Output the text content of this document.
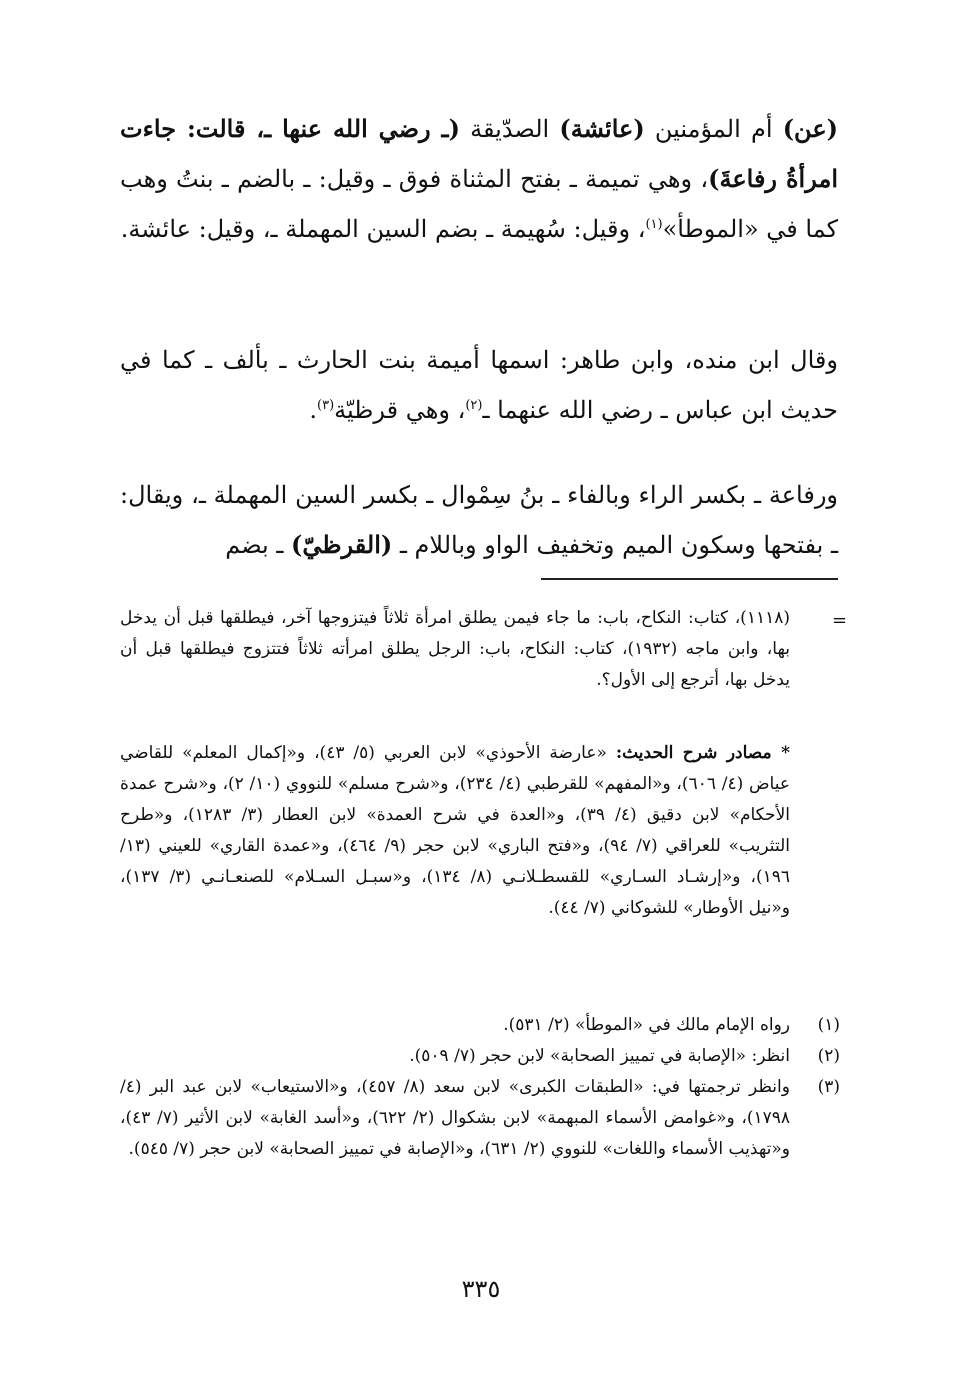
(عن) أم المؤمنين (عائشة) الصدّيقة (ـ رضي الله عنها ـ، قالت: جاءت امرأةُ رفاعةَ)، وهي تميمة ـ بفتح المثناة فوق ـ وقيل: ـ بالضم ـ بنتُ وهب كما في «الموطأ»$^{(١)}$، وقيل: سُهيمة ـ بضم السين المهملة ـ، وقيل: عائشة.

وقال ابن منده، وابن طاهر: اسمها أميمة بنت الحارث ـ بألف ـ كما في حديث ابن عباس ـ رضي الله عنهما ـ$^{(٢)}$، وهي قرظيّة$^{(٣)}$.

ورفاعة ـ بكسر الراء وبالفاء ـ بنُ سِمْوال ـ بكسر السين المهملة ـ، ويقال: ـ بفتحها وسكون الميم وتخفيف الواو وباللام ـ (القرظيّ) ـ بضم

=

(١١١٨)، كتاب: النكاح، باب: ما جاء فيمن يطلق امرأة ثلاثاً فيتزوجها آخر، فيطلقها قبل أن يدخل بها، وابن ماجه (١٩٣٢)، كتاب: النكاح، باب: الرجل يطلق امرأته ثلاثاً فتتزوج فيطلقها قبل أن يدخل بها، أترجع إلى الأول؟.

* مصادر شرح الحديث: «عارضة الأحوذي» لابن العربي (٥/ ٤٣)، و«إكمال المعلم» للقاضي عياض (٤/ ٦٠٦)، و«المفهم» للقرطبي (٤/ ٢٣٤)، و«شرح مسلم» للنووي (١٠/ ٢)، و«شرح عمدة الأحكام» لابن دقيق (٤/ ٣٩)، و«العدة في شرح العمدة» لابن العطار (٣/ ١٢٨٣)، و«طرح التثريب» للعراقي (٧/ ٩٤)، و«فتح الباري» لابن حجر (٩/ ٤٦٤)، و«عمدة القاري» للعيني (١٣/ ١٩٦)، و«إرشـاد السـاري» للقسطـلانـي (٨/ ١٣٤)، و«سبـل السـلام» للصنعـانـي (٣/ ١٣٧)، و«نيل الأوطار» للشوكاني (٧/ ٤٤).

(١)
رواه الإمام مالك في «الموطأ» (٢/ ٥٣١).
(٢)
انظر: «الإصابة في تمييز الصحابة» لابن حجر (٧/ ٥٠٩).
(٣)
وانظر ترجمتها في: «الطبقات الكبرى» لابن سعد (٨/ ٤٥٧)، و«الاستيعاب» لابن عبد البر (٤/ ١٧٩٨)، و«غوامض الأسماء المبهمة» لابن بشكوال (٢/ ٦٢٢)، و«أسد الغابة» لابن الأثير (٧/ ٤٣)، و«تهذيب الأسماء واللغات» للنووي (٢/ ٦٣١)، و«الإصابة في تمييز الصحابة» لابن حجر (٧/ ٥٤٥).
٣٣٥
